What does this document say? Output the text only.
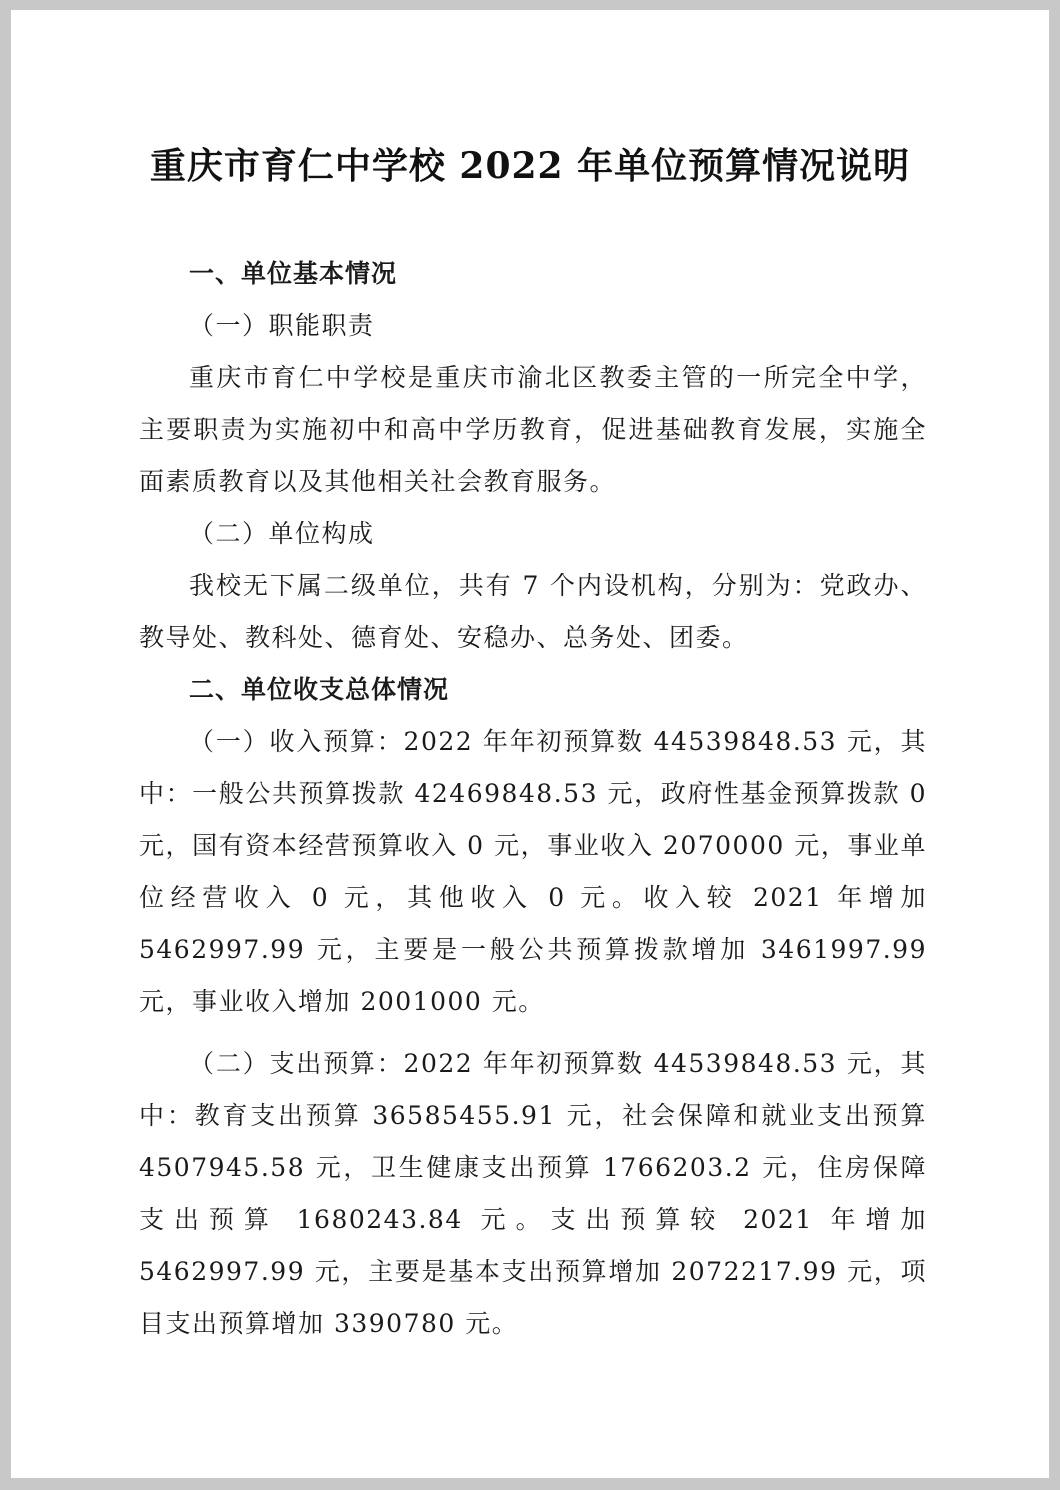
重庆市育仁中学校 2022 年单位预算情况说明

一、单位基本情况

（一）职能职责

重庆市育仁中学校是重庆市渝北区教委主管的一所完全中学，主要职责为实施初中和高中学历教育，促进基础教育发展，实施全面素质教育以及其他相关社会教育服务。

（二）单位构成

我校无下属二级单位，共有 7 个内设机构，分别为：党政办、教导处、教科处、德育处、安稳办、总务处、团委。

二、单位收支总体情况

（一）收入预算：2022 年年初预算数 44539848.53 元，其中：一般公共预算拨款 42469848.53 元，政府性基金预算拨款 0 元，国有资本经营预算收入 0 元，事业收入 2070000 元，事业单位经营收入 0 元，其他收入 0 元。收入较 2021 年增加 5462997.99 元，主要是一般公共预算拨款增加 3461997.99 元，事业收入增加 2001000 元。

（二）支出预算：2022 年年初预算数 44539848.53 元，其中：教育支出预算 36585455.91 元，社会保障和就业支出预算 4507945.58 元，卫生健康支出预算 1766203.2 元，住房保障支出预算 1680243.84 元。支出预算较 2021 年增加 5462997.99 元，主要是基本支出预算增加 2072217.99 元，项目支出预算增加 3390780 元。
